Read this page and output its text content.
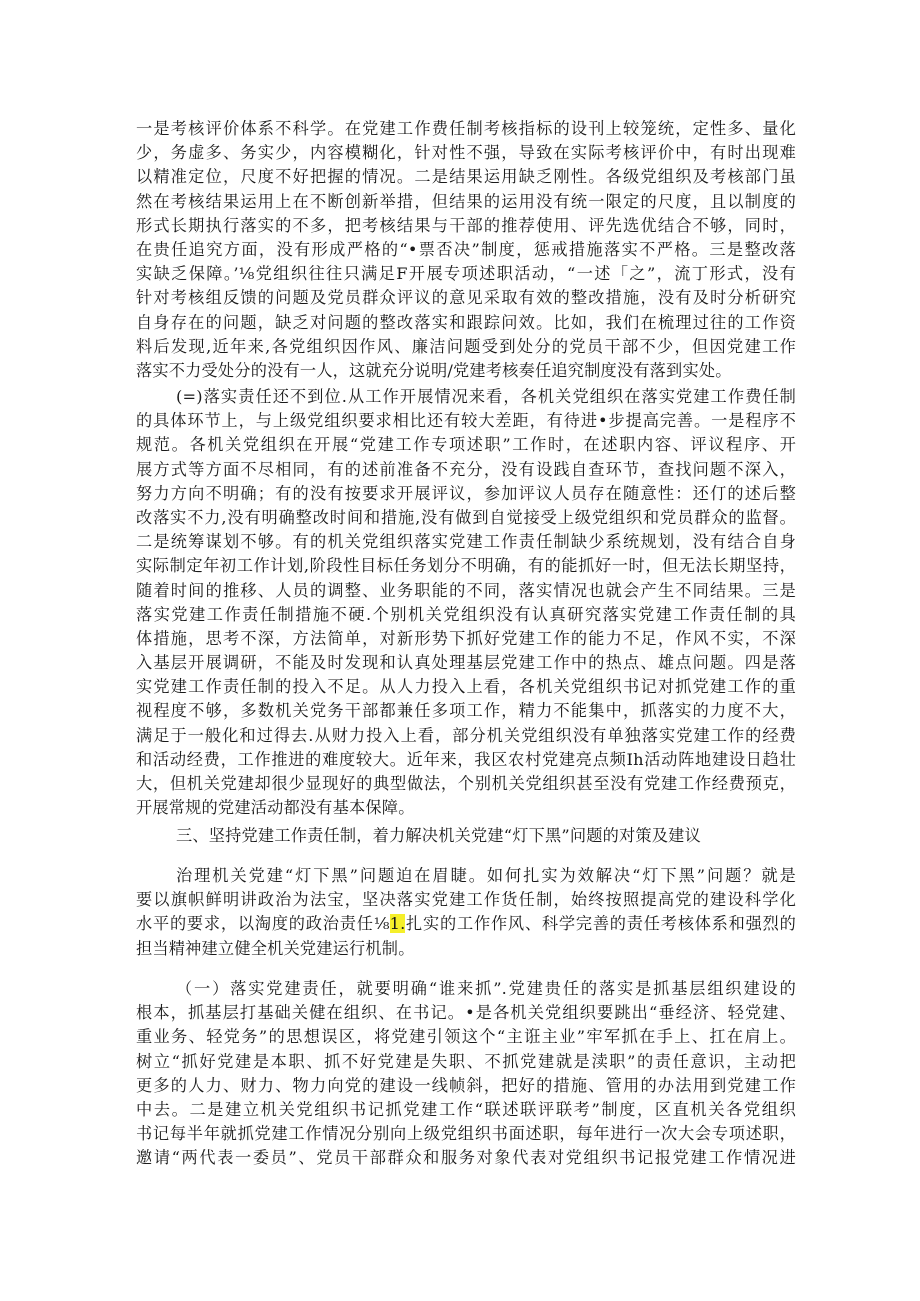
一是考核评价体系不科学。在党建工作费任制考核指标的设刊上较笼统，定性多、量化
少，务虚多、务实少，内容模糊化，针对性不强，导致在实际考核评价中，有时出现难
以精准定位，尺度不好把握的情况。二是结果运用缺乏刚性。各级党组织及考核部门虽
然在考核结果运用上在不断创新举措，但结果的运用没有统一限定的尺度，且以制度的
形式长期执行落实的不多，把考核结果与干部的推荐使用、评先选优结合不够，同时，
在贵任追究方面，没有形成严格的“•票否决”制度，惩戒措施落实不严格。三是整改落
实缺乏保障。’⅛党组织往往只满足F开展专项述职活动，“一述「之”，流丁形式，没有
针对考核组反馈的问题及党员群众评议的意见采取有效的整改措施，没有及时分析研究
自身存在的问题，缺乏对问题的整改落实和跟踪问效。比如，我们在梳理过往的工作资
料后发现,近年来,各党组织因作风、廉洁问题受到处分的党员干部不少，但因党建工作
落实不力受处分的没有一人，这就充分说明/党建考核奏任追究制度没有落到实处。
(=)落实责任还不到位.从工作开展情况来看，各机关党组织在落实党建工作费任制
的具体环节上，与上级党组织要求相比还有较大差距，有待进•步提高完善。一是程序不
规范。各机关党组织在开展“党建工作专项述职”工作时，在述职内容、评议程序、开
展方式等方面不尽相同，有的述前准备不充分，没有设践自查环节，查找问题不深入，
努力方向不明确；有的没有按要求开展评议，参加评议人员存在随意性：还仃的述后整
改落实不力,没有明确整改时间和措施,没有做到自觉接受上级党组织和党员群众的监督。
二是统筹谋划不够。有的机关党组织落实党建工作责任制缺少系统规划，没有结合自身
实际制定年初工作计划,阶段性目标任务划分不明确，有的能抓好一时，但无法长期坚持，
随着时间的推移、人员的调整、业务职能的不同，落实情况也就会产生不同结果。三是
落实党建工作责任制措施不硬.个别机关党组织没有认真研究落实党建工作责任制的具
体措施，思考不深，方法简单，对新形势下抓好党建工作的能力不足，作风不实，不深
入基层开展调研，不能及时发现和认真处理基层党建工作中的热点、雄点问题。四是落
实党建工作责任制的投入不足。从人力投入上看，各机关党组织书记对抓党建工作的重
视程度不够，多数机关党务干部都兼任多项工作，精力不能集中，抓落实的力度不大，
满足于一般化和过得去.从财力投入上看，部分机关党组织没有单独落实党建工作的经费
和活动经费，工作推进的难度较大。近年来，我区农村党建亮点频Ih活动阵地建设日趋壮
大，但机关党建却很少显现好的典型做法，个别机关党组织甚至没有党建工作经费预克，
开展常规的党建活动都没有基本保障。
三、坚持党建工作责任制，着力解决机关党建“灯下黑”问题的对策及建议
治理机关党建“灯下黑”问题迫在眉睫。如何扎实为效解决“灯下黑”问题？就是
要以旗帜鲜明讲政治为法宝，坚决落实党建工作货任制，始终按照提高党的建设科学化
水平的要求，以淘度的政治责任⅛1.扎实的工作作风、科学完善的责任考核体系和强烈的
担当精神建立健全机关党建运行机制。
（一）落实党建责任，就要明确“谁来抓”.党建贵任的落实是抓基层组织建设的
根本，抓基层打基础关健在组织、在书记。•是各机关党组织要跳出“垂经济、轻党建、
重业务、轻党务”的思想误区，将党建引领这个“主诳主业”牢军抓在手上、扛在肩上。
树立“抓好党建是本职、抓不好党建是失职、不抓党建就是渎职”的责任意识，主动把
更多的人力、财力、物力向党的建设一线帧斜，把好的措施、管用的办法用到党建工作
中去。二是建立机关党组织书记抓党建工作“联述联评联考”制度，区直机关各党组织
书记每半年就抓党建工作情况分别向上级党组织书面述职，每年进行一次大会专项述职，
邀请“两代表一委员”、党员干部群众和服务对象代表对党组织书记报党建工作情况进
